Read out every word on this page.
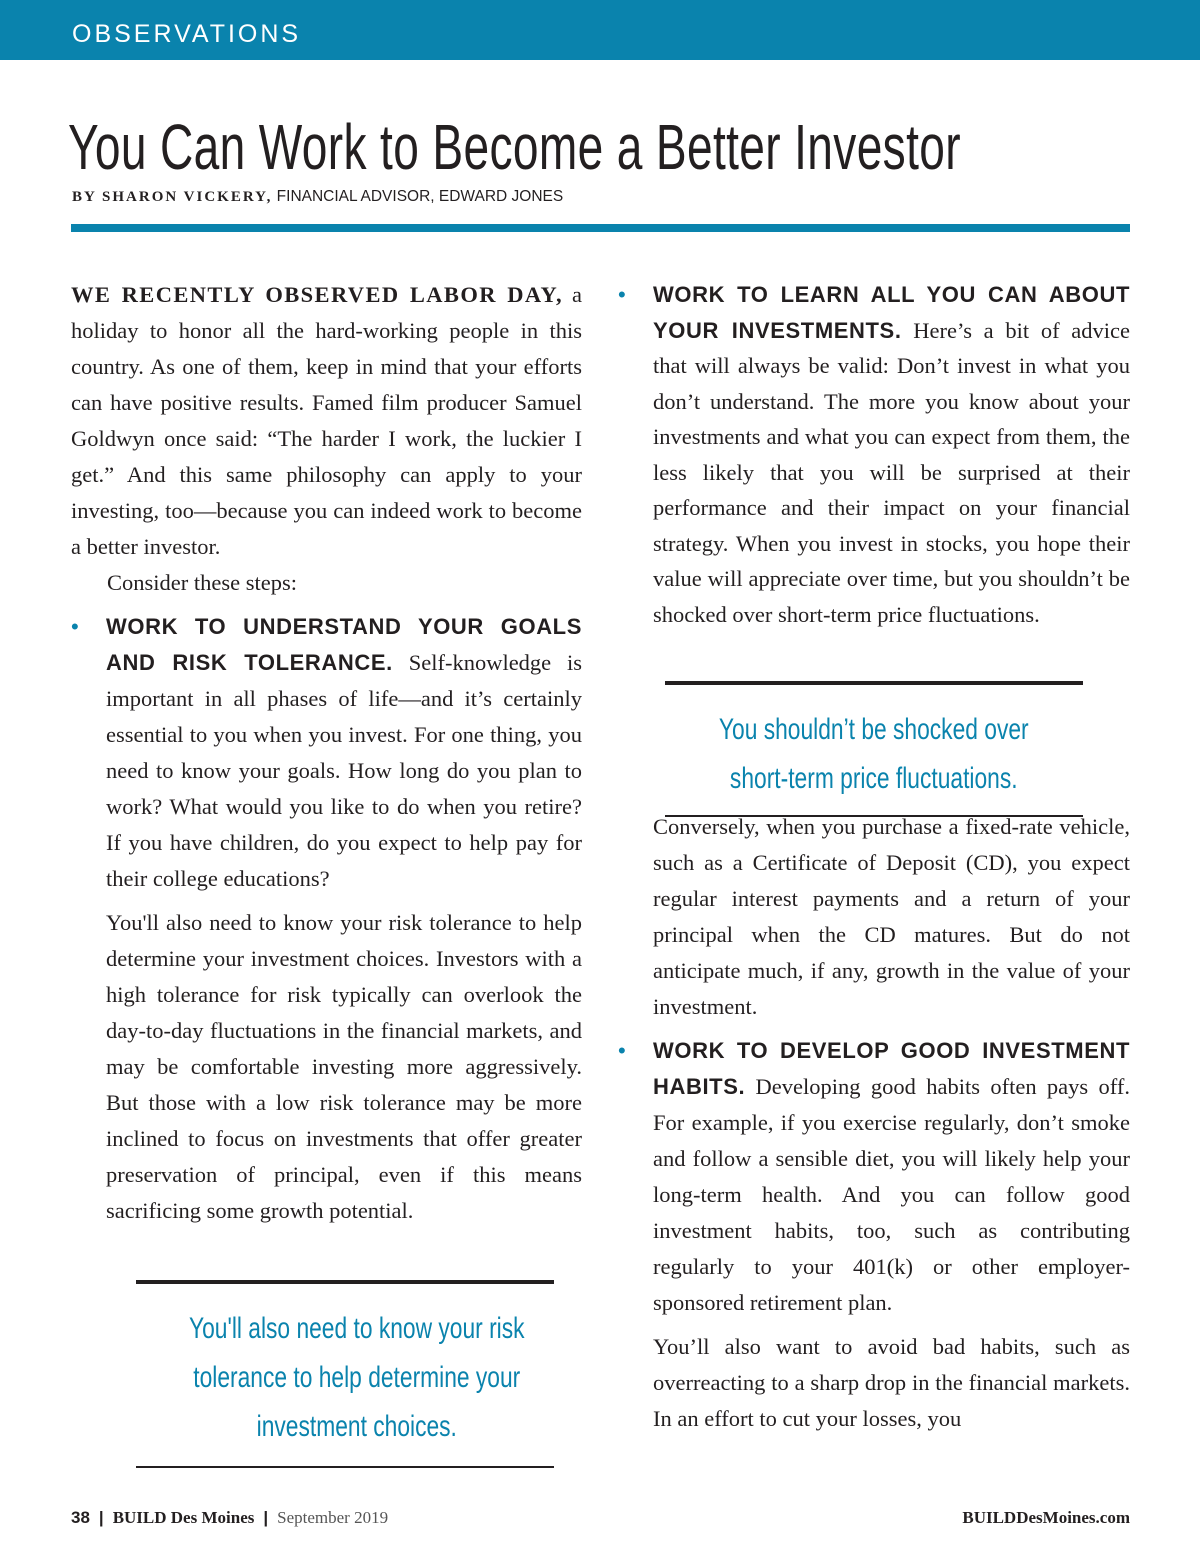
OBSERVATIONS
You Can Work to Become a Better Investor
BY SHARON VICKERY, FINANCIAL ADVISOR, EDWARD JONES

WE RECENTLY OBSERVED LABOR DAY, a holiday to honor all the hard-working people in this country. As one of them, keep in mind that your efforts can have positive results. Famed film producer Samuel Goldwyn once said: “The harder I work, the luckier I get.” And this same philosophy can apply to your investing, too—because you can indeed work to become a better investor.

Consider these steps:

• WORK TO UNDERSTAND YOUR GOALS AND RISK TOLERANCE. Self-knowledge is important in all phases of life—and it’s certainly essential to you when you invest. For one thing, you need to know your goals. How long do you plan to work? What would you like to do when you retire? If you have children, do you expect to help pay for their college educations?

You'll also need to know your risk tolerance to help determine your investment choices. Investors with a high tolerance for risk typically can overlook the day-to-day fluctuations in the financial markets, and may be comfortable investing more aggressively. But those with a low risk tolerance may be more inclined to focus on investments that offer greater preservation of principal, even if this means sacrificing some growth potential.

You'll also need to know your risk
tolerance to help determine your
investment choices.
• WORK TO LEARN ALL YOU CAN ABOUT YOUR INVESTMENTS. Here’s a bit of advice that will always be valid: Don’t invest in what you don’t understand. The more you know about your investments and what you can expect from them, the less likely that you will be surprised at their performance and their impact on your financial strategy. When you invest in stocks, you hope their value will appreciate over time, but you shouldn’t be shocked over short-term price fluctuations.

Conversely, when you purchase a fixed-rate vehicle, such as a Certificate of Deposit (CD), you expect regular interest payments and a return of your principal when the CD matures. But do not anticipate much, if any, growth in the value of your investment.

• WORK TO DEVELOP GOOD INVESTMENT HABITS. Developing good habits often pays off. For example, if you exercise regularly, don’t smoke and follow a sensible diet, you will likely help your long-term health. And you can follow good investment habits, too, such as contributing regularly to your 401(k) or other employer-sponsored retirement plan.

You’ll also want to avoid bad habits, such as overreacting to a sharp drop in the financial markets. In an effort to cut your losses, you

You shouldn’t be shocked over
short-term price fluctuations.
38 | BUILD Des Moines | September 2019	BUILDDesMoines.com
